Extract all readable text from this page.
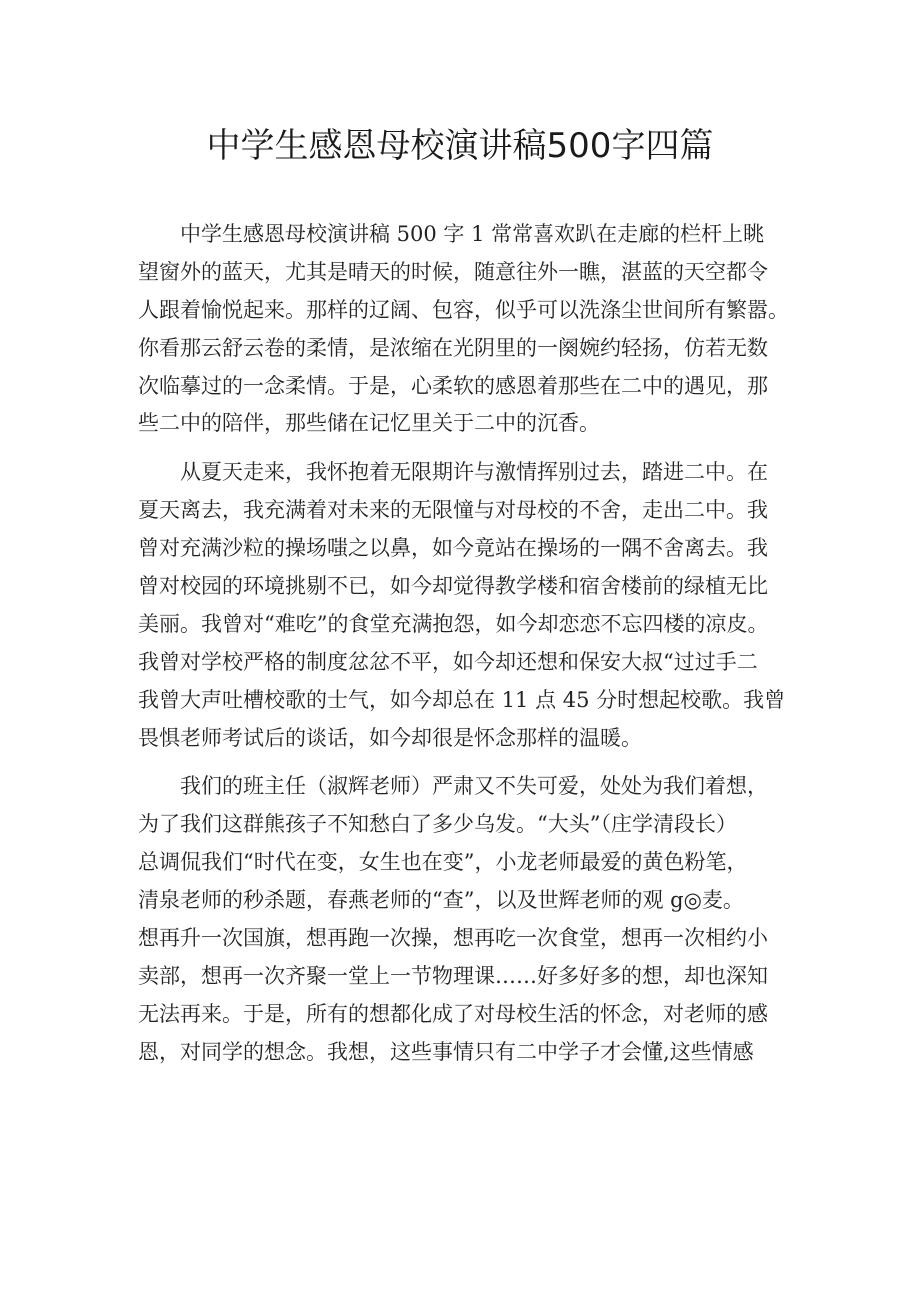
中学生感恩母校演讲稿500字四篇
　　中学生感恩母校演讲稿 500 字 1 常常喜欢趴在走廊的栏杆上眺
望窗外的蓝天，尤其是晴天的时候，随意往外一瞧，湛蓝的天空都令
人跟着愉悦起来。那样的辽阔、包容，似乎可以洗涤尘世间所有繁嚣。
你看那云舒云卷的柔情，是浓缩在光阴里的一阕婉约轻扬，仿若无数
次临摹过的一念柔情。于是，心柔软的感恩着那些在二中的遇见，那
些二中的陪伴，那些储在记忆里关于二中的沉香。
　　从夏天走来，我怀抱着无限期许与激情挥别过去，踏进二中。在
夏天离去，我充满着对未来的无限憧与对母校的不舍，走出二中。我
曾对充满沙粒的操场嗤之以鼻，如今竟站在操场的一隅不舍离去。我
曾对校园的环境挑剔不已，如今却觉得教学楼和宿舍楼前的绿植无比
美丽。我曾对“难吃”的食堂充满抱怨，如今却恋恋不忘四楼的凉皮。
我曾对学校严格的制度忿忿不平，如今却还想和保安大叔“过过手二
我曾大声吐槽校歌的士气，如今却总在 11 点 45 分时想起校歌。我曾
畏惧老师考试后的谈话，如今却很是怀念那样的温暖。
　　我们的班主任（淑辉老师）严肃又不失可爱，处处为我们着想，
为了我们这群熊孩子不知愁白了多少乌发。“大头”（庄学清段长）
总调侃我们“时代在变，女生也在变”，小龙老师最爱的黄色粉笔，
清泉老师的秒杀题，春燕老师的“查”，以及世辉老师的观 g◎麦。
想再升一次国旗，想再跑一次操，想再吃一次食堂，想再一次相约小
卖部，想再一次齐聚一堂上一节物理课……好多好多的想，却也深知
无法再来。于是，所有的想都化成了对母校生活的怀念，对老师的感
恩，对同学的想念。我想，这些事情只有二中学子才会懂,这些情感
